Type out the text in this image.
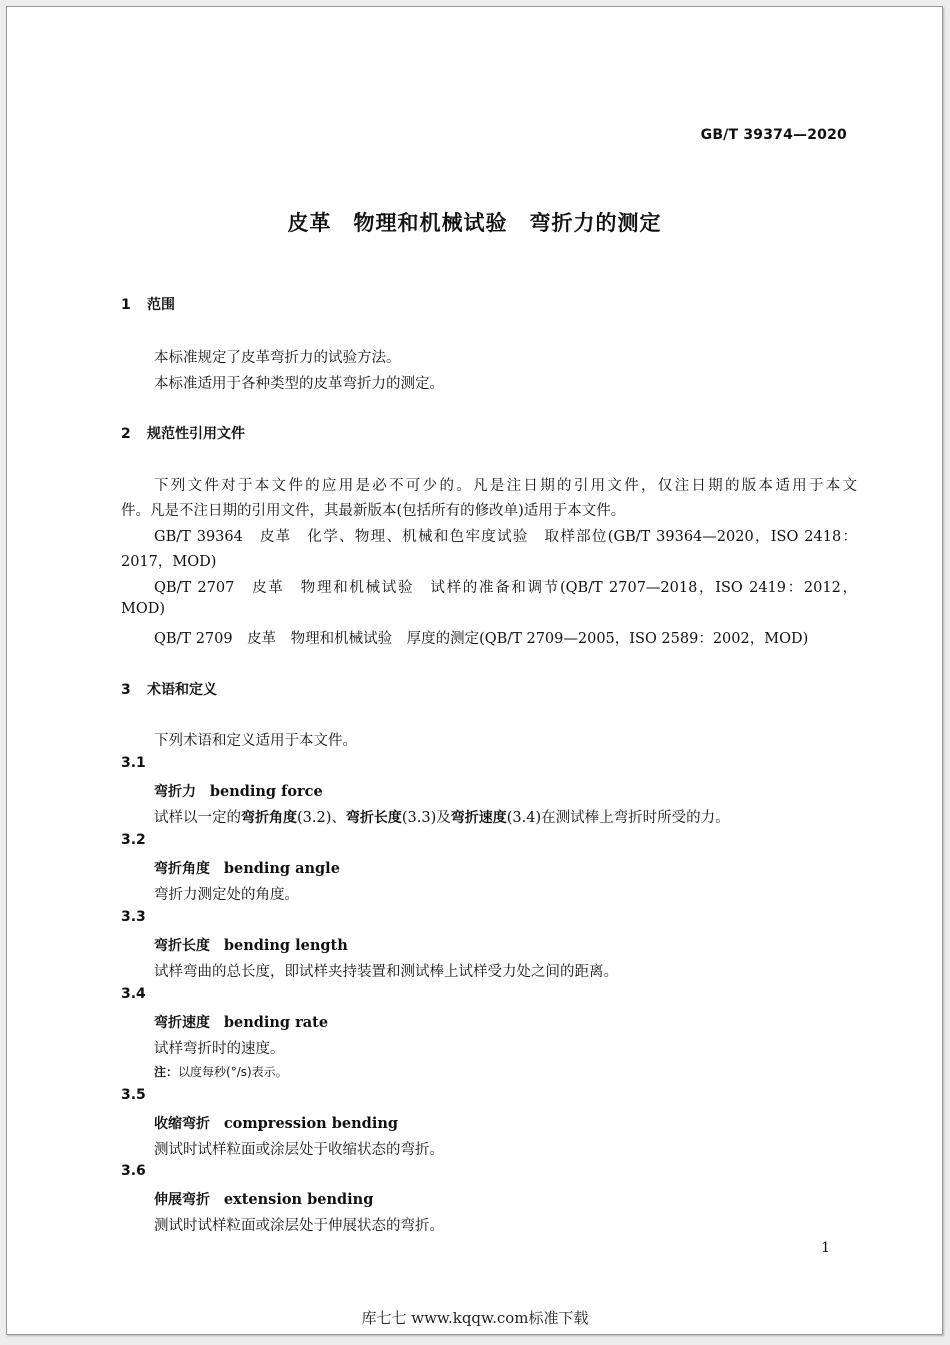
GB/T 39374—2020
皮革　物理和机械试验　弯折力的测定
1 范围
本标准规定了皮革弯折力的试验方法。
本标准适用于各种类型的皮革弯折力的测定。
2 规范性引用文件
下列文件对于本文件的应用是必不可少的。凡是注日期的引用文件，仅注日期的版本适用于本文
件。凡是不注日期的引用文件，其最新版本(包括所有的修改单)适用于本文件。
GB/T 39364　皮革　化学、物理、机械和色牢度试验　取样部位(GB/T 39364—2020，ISO 2418：
2017，MOD)
QB/T 2707　皮革　物理和机械试验　试样的准备和调节(QB/T 2707—2018，ISO 2419：2012，
MOD)
QB/T 2709　皮革　物理和机械试验　厚度的测定(QB/T 2709—2005，ISO 2589：2002，MOD)
3 术语和定义
下列术语和定义适用于本文件。
3.1
弯折力 bending force
试样以一定的弯折角度(3.2)、弯折长度(3.3)及弯折速度(3.4)在测试棒上弯折时所受的力。
3.2
弯折角度 bending angle
弯折力测定处的角度。
3.3
弯折长度 bending length
试样弯曲的总长度，即试样夹持装置和测试棒上试样受力处之间的距离。
3.4
弯折速度 bending rate
试样弯折时的速度。
注：以度每秒(°/s)表示。
3.5
收缩弯折 compression bending
测试时试样粒面或涂层处于收缩状态的弯折。
3.6
伸展弯折 extension bending
测试时试样粒面或涂层处于伸展状态的弯折。
1
库七七 www.kqqw.com标准下载
